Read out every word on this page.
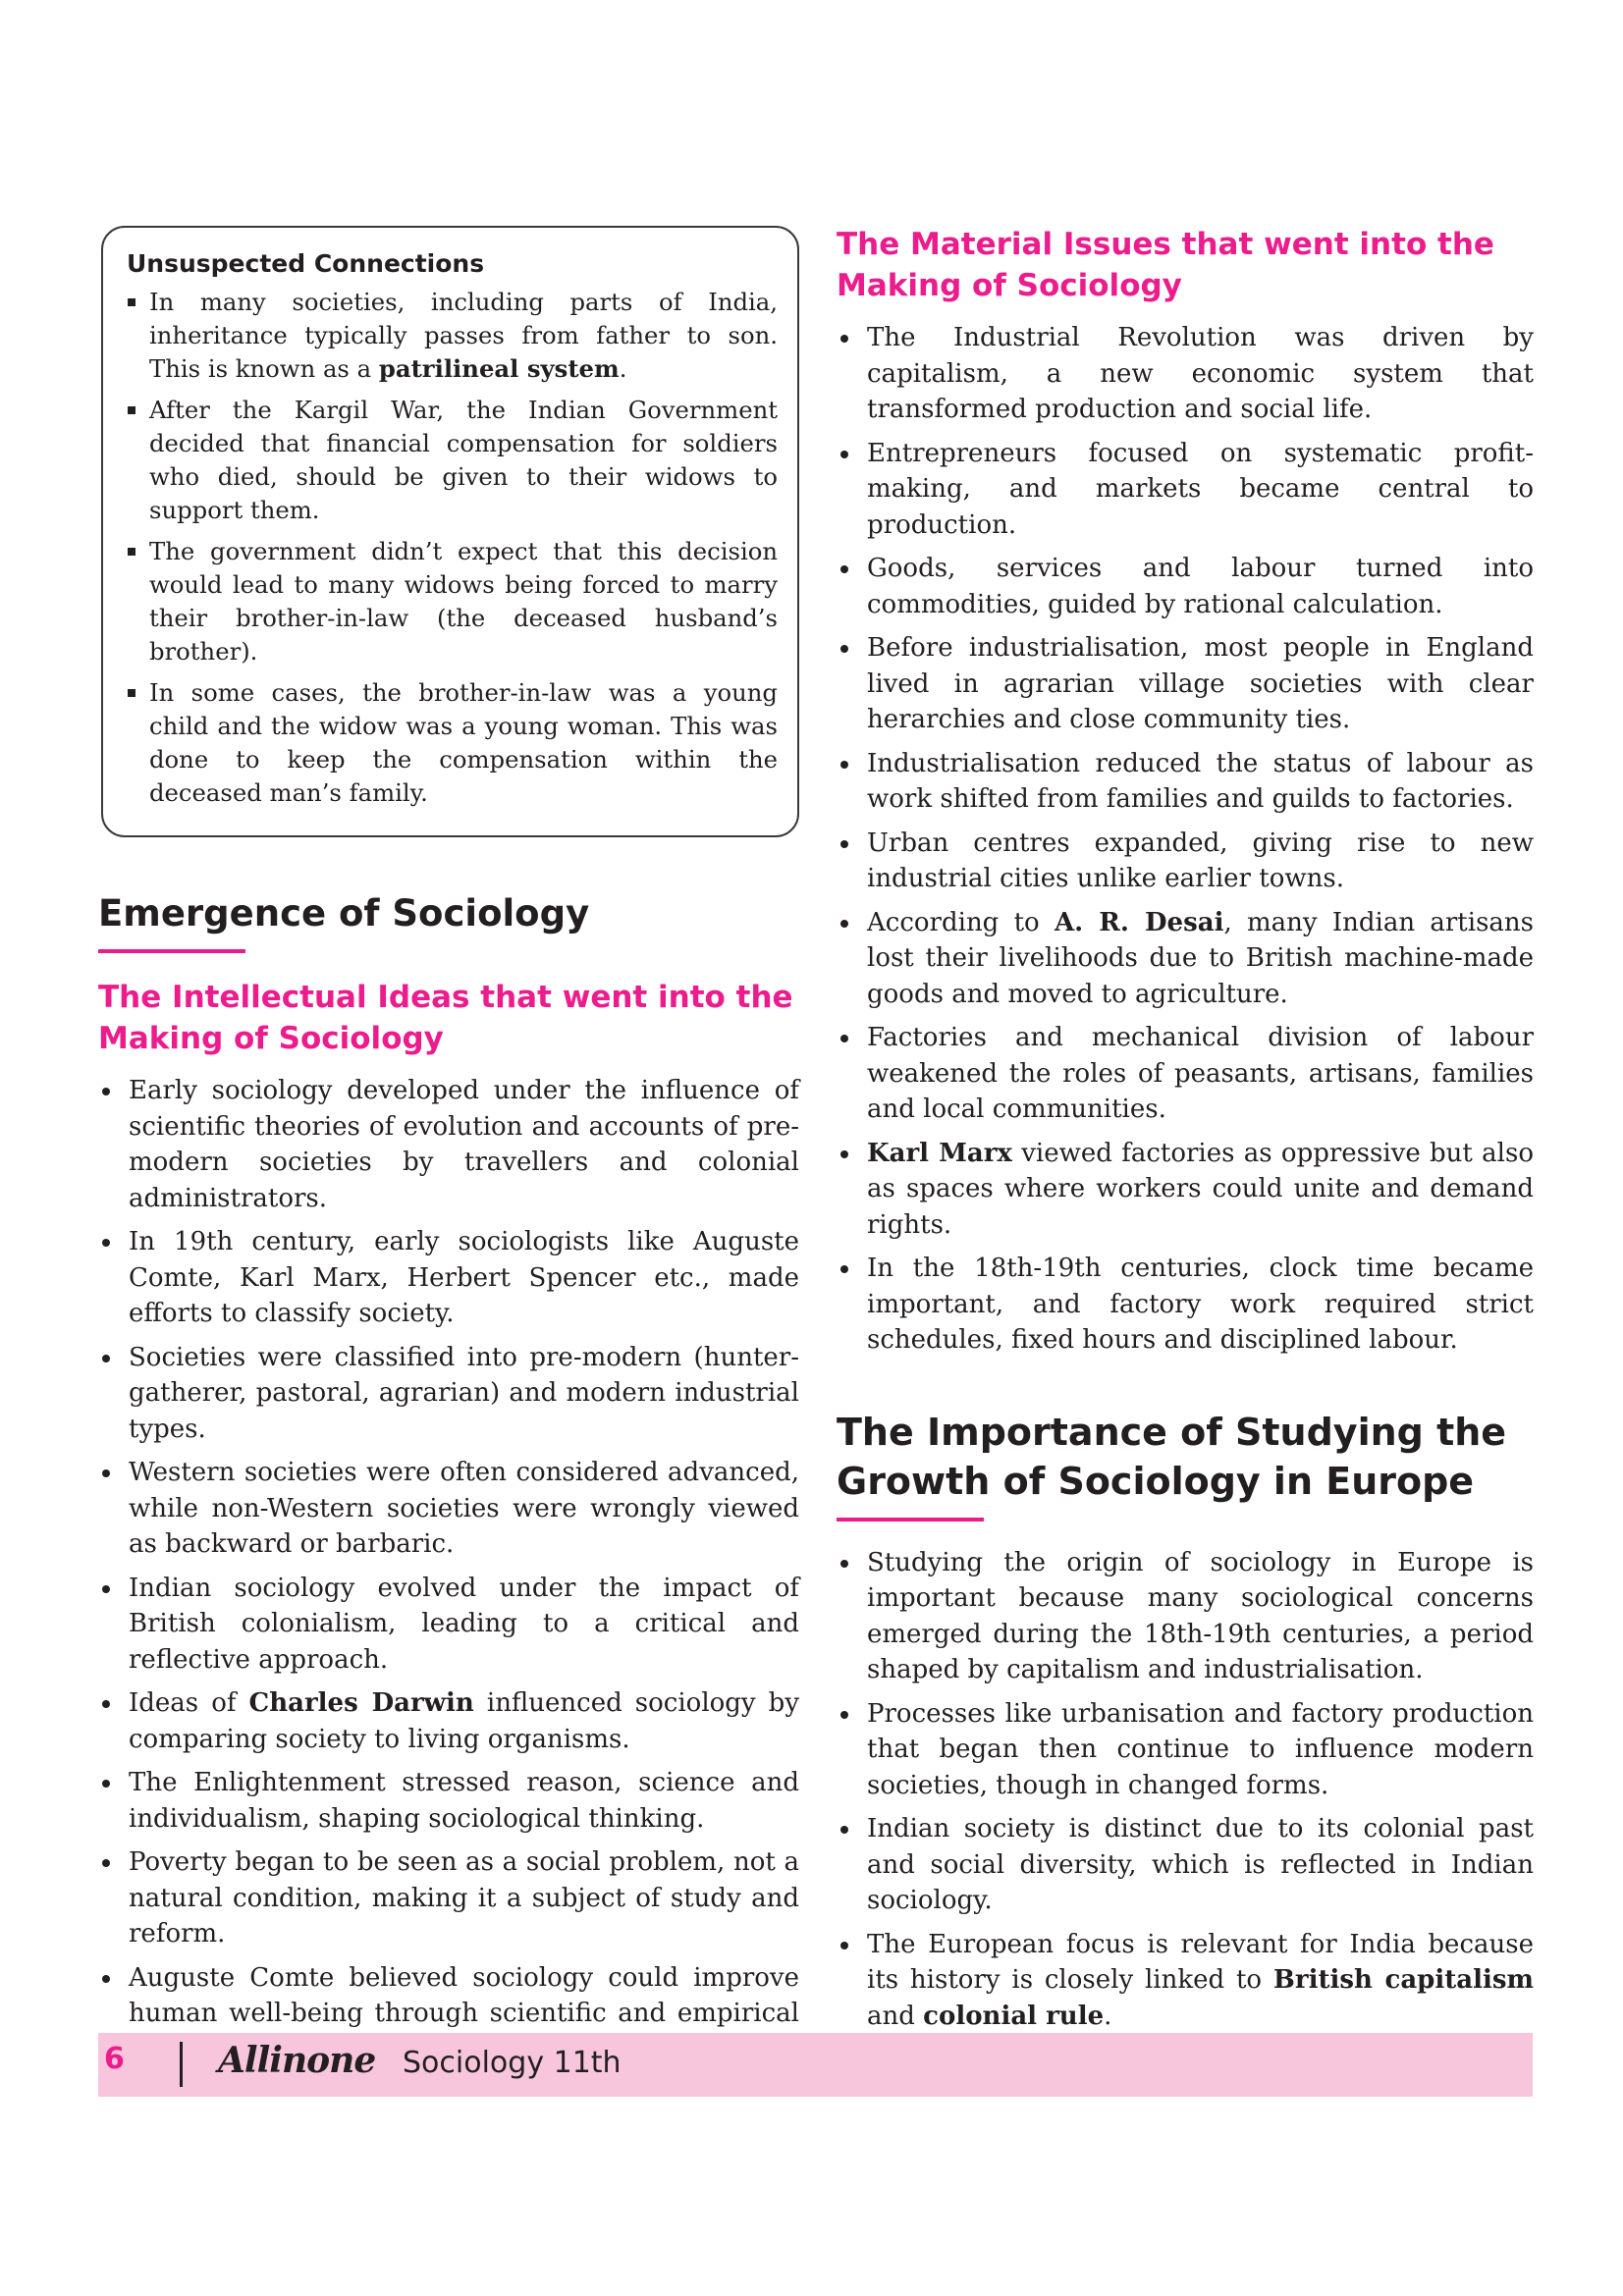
Unsuspected Connections
In many societies, including parts of India, inheritance typically passes from father to son. This is known as a patrilineal system.
After the Kargil War, the Indian Government decided that financial compensation for soldiers who died, should be given to their widows to support them.
The government didn’t expect that this decision would lead to many widows being forced to marry their brother-in-law (the deceased husband’s brother).
In some cases, the brother-in-law was a young child and the widow was a young woman. This was done to keep the compensation within the deceased man’s family.
Emergence of Sociology
The Intellectual Ideas that went into the Making of Sociology
Early sociology developed under the influence of scientific theories of evolution and accounts of pre-modern societies by travellers and colonial administrators.
In 19th century, early sociologists like Auguste Comte, Karl Marx, Herbert Spencer etc., made efforts to classify society.
Societies were classified into pre-modern (hunter-gatherer, pastoral, agrarian) and modern industrial types.
Western societies were often considered advanced, while non-Western societies were wrongly viewed as backward or barbaric.
Indian sociology evolved under the impact of British colonialism, leading to a critical and reflective approach.
Ideas of Charles Darwin influenced sociology by comparing society to living organisms.
The Enlightenment stressed reason, science and individualism, shaping sociological thinking.
Poverty began to be seen as a social problem, not a natural condition, making it a subject of study and reform.
Auguste Comte believed sociology could improve human well-being through scientific and empirical
The Material Issues that went into the Making of Sociology
The Industrial Revolution was driven by capitalism, a new economic system that transformed production and social life.
Entrepreneurs focused on systematic profit-making, and markets became central to production.
Goods, services and labour turned into commodities, guided by rational calculation.
Before industrialisation, most people in England lived in agrarian village societies with clear herarchies and close community ties.
Industrialisation reduced the status of labour as work shifted from families and guilds to factories.
Urban centres expanded, giving rise to new industrial cities unlike earlier towns.
According to A. R. Desai, many Indian artisans lost their livelihoods due to British machine-made goods and moved to agriculture.
Factories and mechanical division of labour weakened the roles of peasants, artisans, families and local communities.
Karl Marx viewed factories as oppressive but also as spaces where workers could unite and demand rights.
In the 18th-19th centuries, clock time became important, and factory work required strict schedules, fixed hours and disciplined labour.
The Importance of Studying the Growth of Sociology in Europe
Studying the origin of sociology in Europe is important because many sociological concerns emerged during the 18th-19th centuries, a period shaped by capitalism and industrialisation.
Processes like urbanisation and factory production that began then continue to influence modern societies, though in changed forms.
Indian society is distinct due to its colonial past and social diversity, which is reflected in Indian sociology.
The European focus is relevant for India because its history is closely linked to British capitalism and colonial rule.
6	Allinone Sociology 11th
